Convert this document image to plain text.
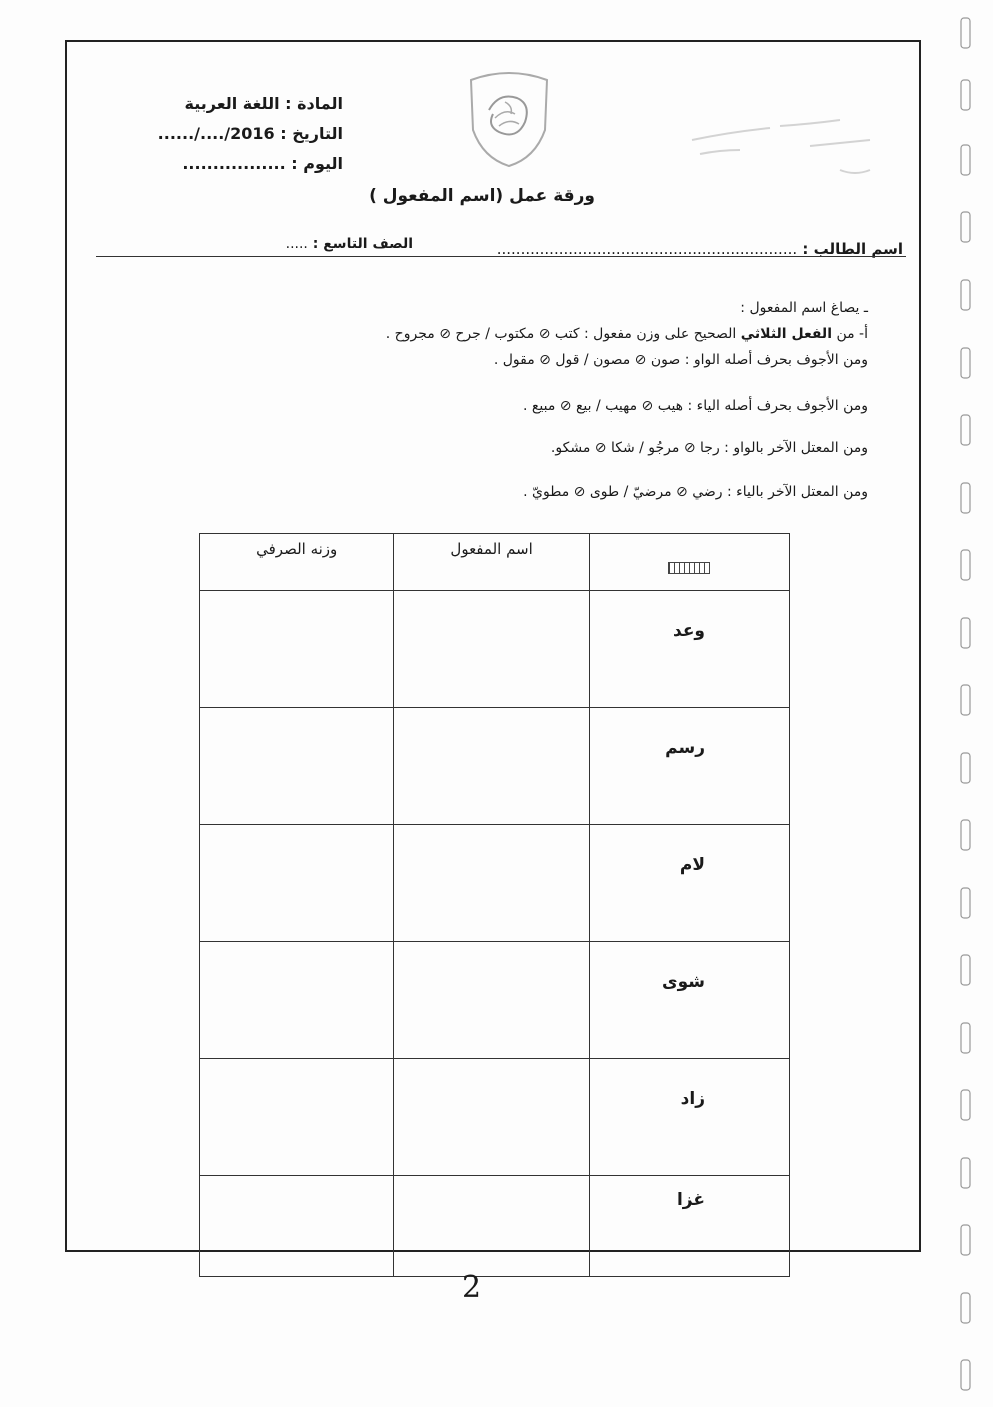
المادة : اللغة العربية
التاريخ : ....../..../2016
اليوم : .................
ورقة عمل (اسم المفعول )
اسم الطالب : ...............................................................
الصف التاسع : .....
ـ يصاغ اسم المفعول :
أ‌- من الفعل الثلاثي الصحيح على وزن مفعول : كتب ⊘ مكتوب / جرح ⊘ مجروح .
ومن الأجوف بحرف أصله الواو : صون ⊘ مصون / قول ⊘ مقول .
ومن الأجوف بحرف أصله الياء : هيب ⊘ مهيب / بيع ⊘ مبيع .
ومن المعتل الآخر بالواو : رجا ⊘ مرجُو / شكا ⊘ مشكو.
ومن المعتل الآخر بالياء : رضي ⊘ مرضيّ / طوى ⊘ مطويّ .
	اسم المفعول	وزنه الصرفي
وعد		
رسم		
لام		
شوى		
زاد		
غزا		
2
